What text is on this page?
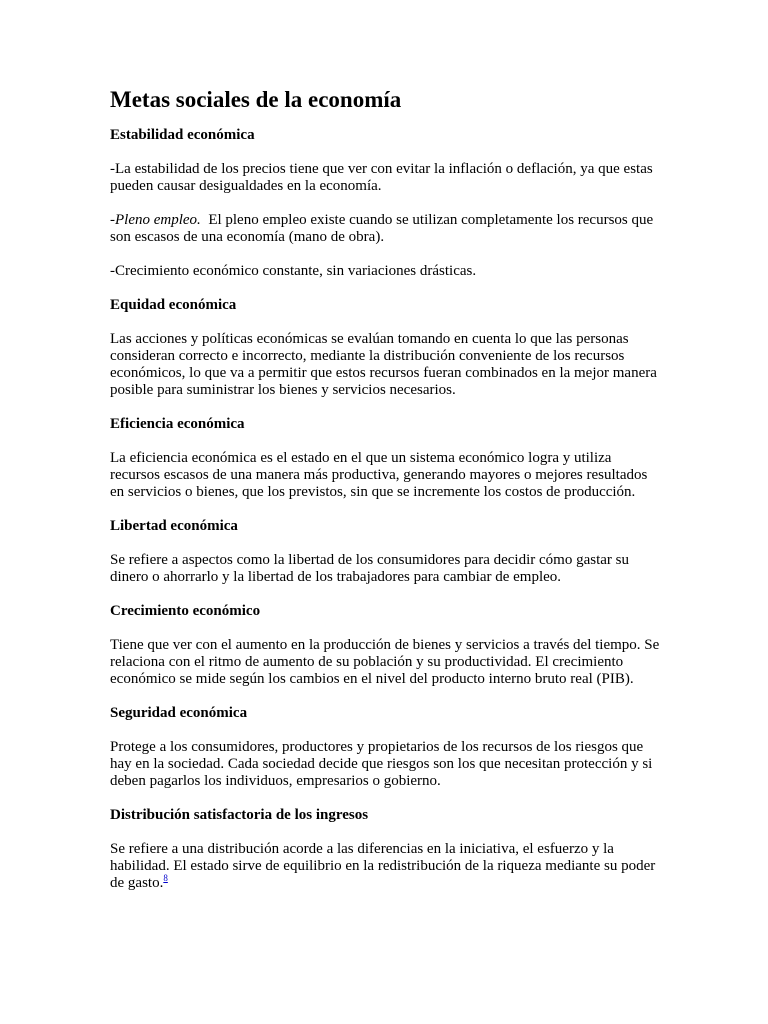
Metas sociales de la economía
Estabilidad económica

-La estabilidad de los precios tiene que ver con evitar la inflación o deflación, ya que estas pueden causar desigualdades en la economía.

-Pleno empleo.  El pleno empleo existe cuando se utilizan completamente los recursos que son escasos de una economía (mano de obra).

-Crecimiento económico constante, sin variaciones drásticas.

Equidad económica

Las acciones y políticas económicas se evalúan tomando en cuenta lo que las personas consideran correcto e incorrecto, mediante la distribución conveniente de los recursos económicos, lo que va a permitir que estos recursos fueran combinados en la mejor manera posible para suministrar los bienes y servicios necesarios.

Eficiencia económica

La eficiencia económica es el estado en el que un sistema económico logra y utiliza recursos escasos de una manera más productiva, generando mayores o mejores resultados en servicios o bienes, que los previstos, sin que se incremente los costos de producción.

Libertad económica

Se refiere a aspectos como la libertad de los consumidores para decidir cómo gastar su dinero o ahorrarlo y la libertad de los trabajadores para cambiar de empleo.

Crecimiento económico

Tiene que ver con el aumento en la producción de bienes y servicios a través del tiempo. Se relaciona con el ritmo de aumento de su población y su productividad. El crecimiento económico se mide según los cambios en el nivel del producto interno bruto real (PIB).

Seguridad económica

Protege a los consumidores, productores y propietarios de los recursos de los riesgos que hay en la sociedad. Cada sociedad decide que riesgos son los que necesitan protección y si deben pagarlos los individuos, empresarios o gobierno.

Distribución satisfactoria de los ingresos

Se refiere a una distribución acorde a las diferencias en la iniciativa, el esfuerzo y la habilidad. El estado sirve de equilibrio en la redistribución de la riqueza mediante su poder de gasto.$^8$
